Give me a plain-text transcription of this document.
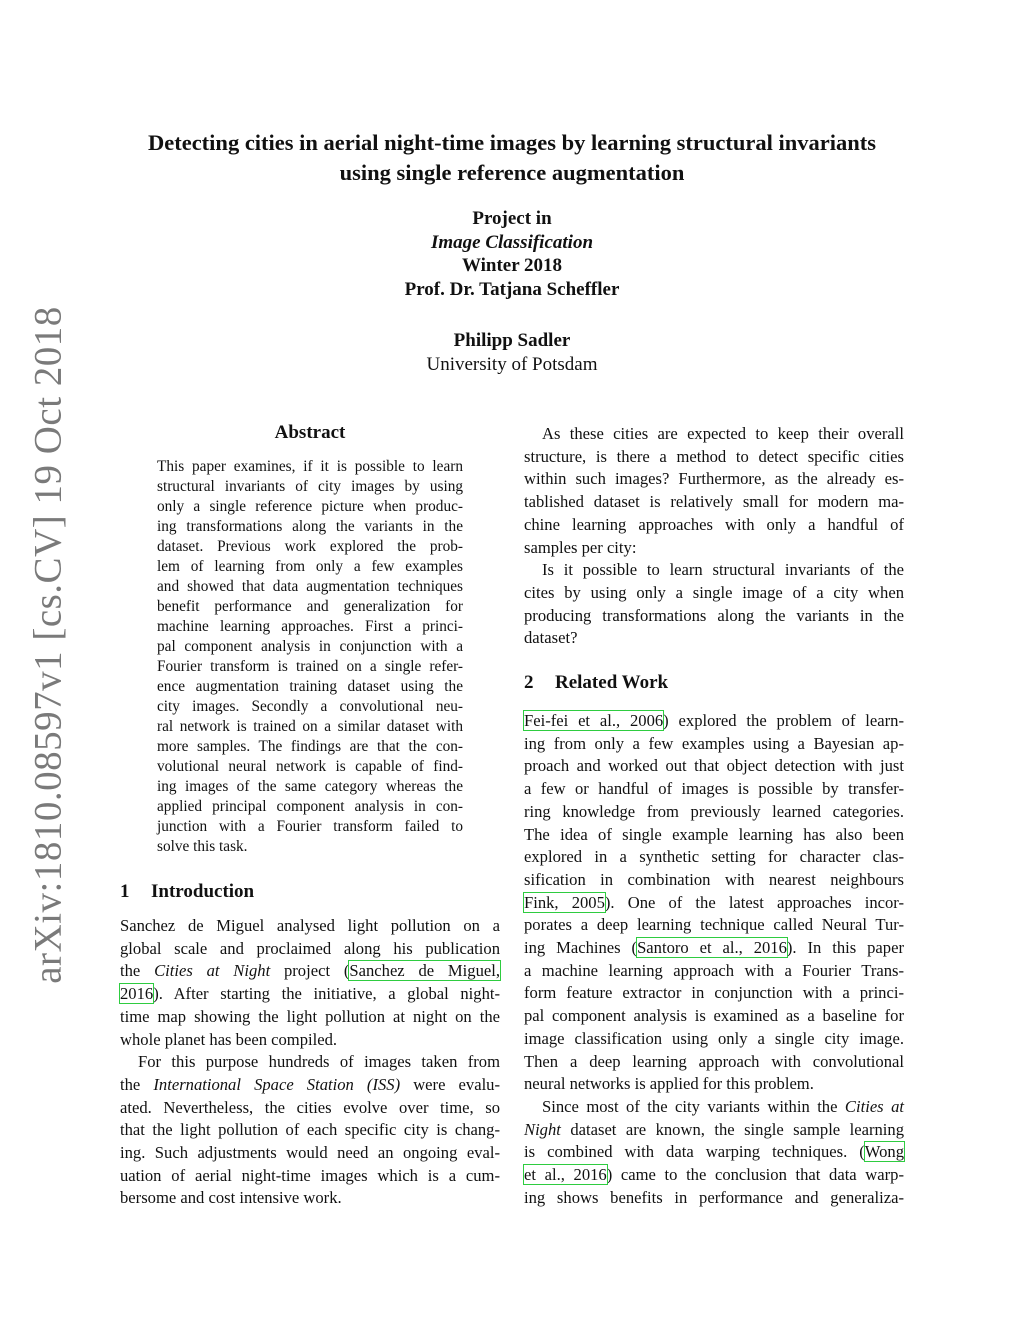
arXiv:1810.08597v1 [cs.CV] 19 Oct 2018
Detecting cities in aerial night-time images by learning structural invariants
using single reference augmentation
Project in
Image Classification
Winter 2018
Prof. Dr. Tatjana Scheffler
Philipp Sadler
University of Potsdam
Abstract
This paper examines, if it is possible to learn
structural invariants of city images by using
only a single reference picture when produc-
ing transformations along the variants in the
dataset. Previous work explored the prob-
lem of learning from only a few examples
and showed that data augmentation techniques
benefit performance and generalization for
machine learning approaches. First a princi-
pal component analysis in conjunction with a
Fourier transform is trained on a single refer-
ence augmentation training dataset using the
city images. Secondly a convolutional neu-
ral network is trained on a similar dataset with
more samples. The findings are that the con-
volutional neural network is capable of find-
ing images of the same category whereas the
applied principal component analysis in con-
junction with a Fourier transform failed to
solve this task.
1 Introduction
Sanchez de Miguel analysed light pollution on a
global scale and proclaimed along his publication
the Cities at Night project (Sanchez de Miguel,
2016). After starting the initiative, a global night-
time map showing the light pollution at night on the
whole planet has been compiled.
For this purpose hundreds of images taken from
the International Space Station (ISS) were evalu-
ated. Nevertheless, the cities evolve over time, so
that the light pollution of each specific city is chang-
ing. Such adjustments would need an ongoing eval-
uation of aerial night-time images which is a cum-
bersome and cost intensive work.
As these cities are expected to keep their overall
structure, is there a method to detect specific cities
within such images? Furthermore, as the already es-
tablished dataset is relatively small for modern ma-
chine learning approaches with only a handful of
samples per city:
Is it possible to learn structural invariants of the
cites by using only a single image of a city when
producing transformations along the variants in the
dataset?
2 Related Work
Fei-fei et al., 2006) explored the problem of learn-
ing from only a few examples using a Bayesian ap-
proach and worked out that object detection with just
a few or handful of images is possible by transfer-
ring knowledge from previously learned categories.
The idea of single example learning has also been
explored in a synthetic setting for character clas-
sification in combination with nearest neighbours
Fink, 2005). One of the latest approaches incor-
porates a deep learning technique called Neural Tur-
ing Machines (Santoro et al., 2016). In this paper
a machine learning approach with a Fourier Trans-
form feature extractor in conjunction with a princi-
pal component analysis is examined as a baseline for
image classification using only a single city image.
Then a deep learning approach with convolutional
neural networks is applied for this problem.
Since most of the city variants within the Cities at
Night dataset are known, the single sample learning
is combined with data warping techniques. (Wong
et al., 2016) came to the conclusion that data warp-
ing shows benefits in performance and generaliza-
